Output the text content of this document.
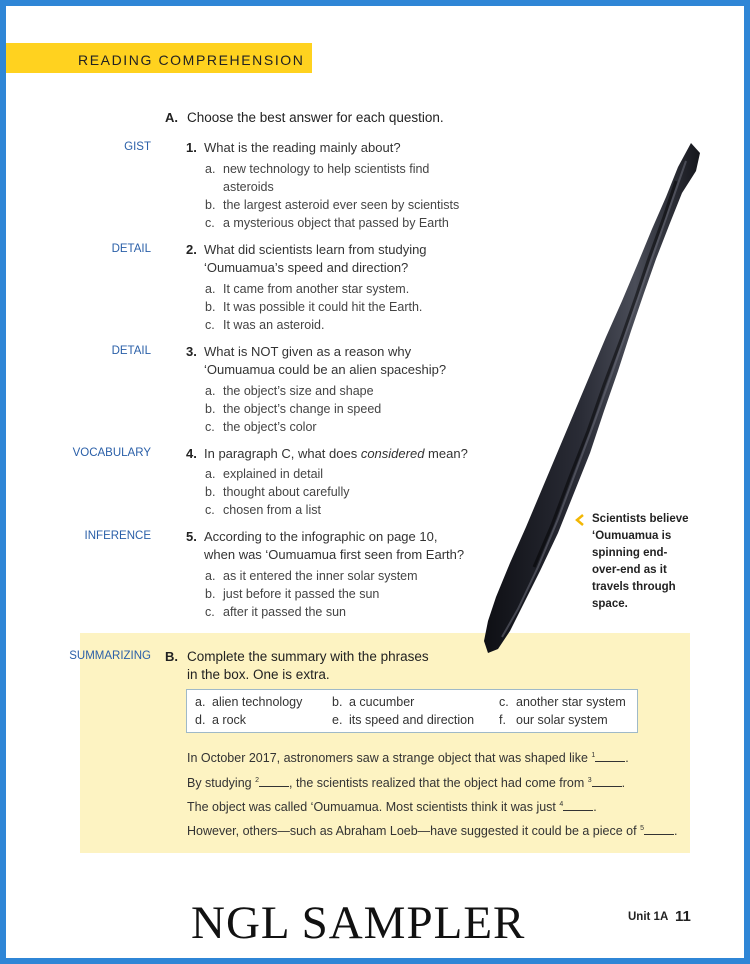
READING COMPREHENSION
A. Choose the best answer for each question.
GIST	1. What is the reading mainly about?
a. new technology to help scientists find
asteroids
b. the largest asteroid ever seen by scientists
c. a mysterious object that passed by Earth
DETAIL	2. What did scientists learn from studying
‘Oumuamua’s speed and direction?
a. It came from another star system.
b. It was possible it could hit the Earth.
c. It was an asteroid.
DETAIL	3. What is NOT given as a reason why
‘Oumuamua could be an alien spaceship?
a. the object’s size and shape
b. the object’s change in speed
c. the object’s color
VOCABULARY	4. In paragraph C, what does considered mean?
a. explained in detail
b. thought about carefully
c. chosen from a list
INFERENCE	5. According to the infographic on page 10,
when was ‘Oumuamua first seen from Earth?
a. as it entered the inner solar system
b. just before it passed the sun
c. after it passed the sun
Scientists believe
‘Oumuamua is
spinning end-
over-end as it
travels through
space.
SUMMARIZING B. Complete the summary with the phrases
in the box. One is extra.
a. alien technology b. a cucumber	c. another star system
d. a rock	e. its speed and direction f. our solar system
In October 2017, astronomers saw a strange object that was shaped like $^1$ .
By studying $^2$ , the scientists realized that the object had come from $^3$ .
The object was called ‘Oumuamua. Most scientists think it was just $^4$ .
However, others—such as Abraham Loeb—have suggested it could be a piece of $^5$ .
NGL SAMPLER	Unit 1A 11
